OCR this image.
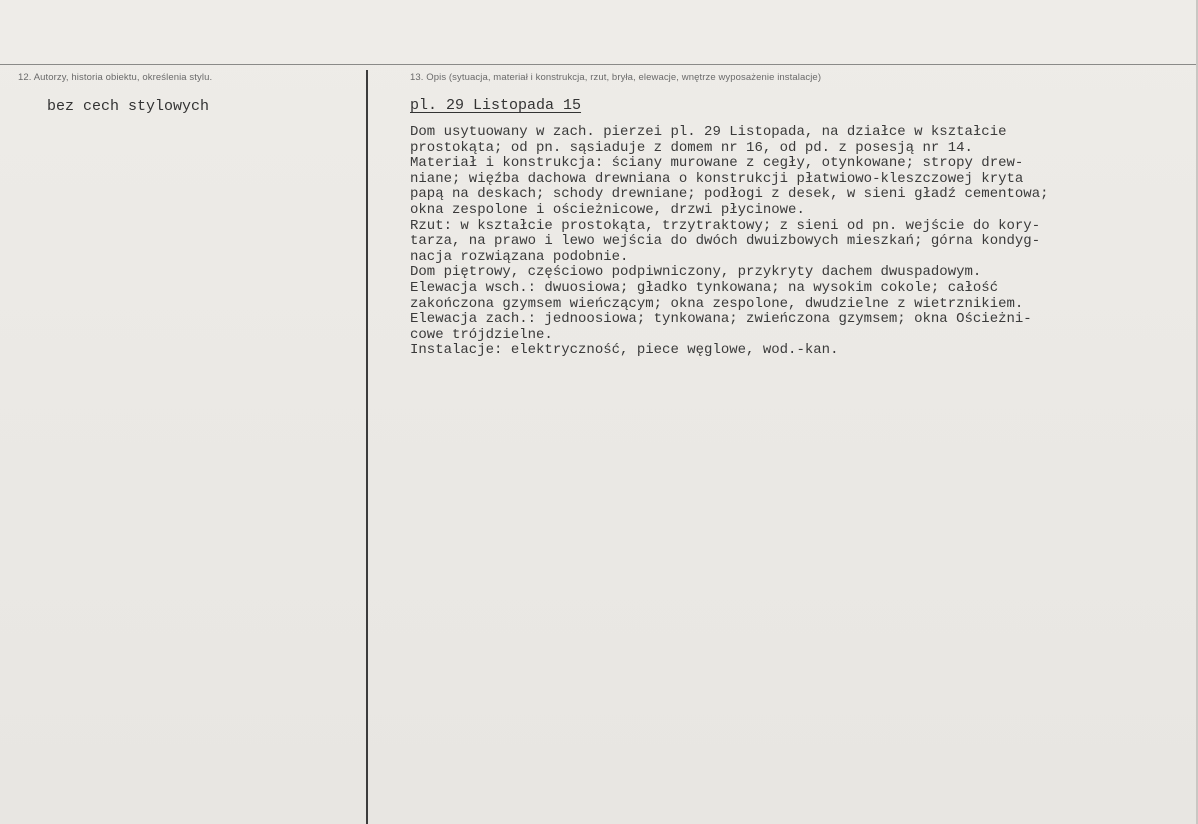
12. Autorzy, historia obiektu, określenia stylu.	13. Opis (sytuacja, materiał i konstrukcja, rzut, bryła, elewacje, wnętrze wyposażenie instalacje)
bez cech stylowych	pl. 29 Listopada 15
Dom usytuowany w zach. pierzei pl. 29 Listopada, na działce w kształcie
prostokąta; od pn. sąsiaduje z domem nr 16, od pd. z posesją nr 14.
Materiał i konstrukcja: ściany murowane z cegły, otynkowane; stropy drew-
niane; więźba dachowa drewniana o konstrukcji płatwiowo-kleszczowej kryta
papą na deskach; schody drewniane; podłogi z desek, w sieni gładź cementowa;
okna zespolone i ościeżnicowe, drzwi płycinowe.
Rzut: w kształcie prostokąta, trzytraktowy; z sieni od pn. wejście do kory-
tarza, na prawo i lewo wejścia do dwóch dwuizbowych mieszkań; górna kondyg-
nacja rozwiązana podobnie.
Dom piętrowy, częściowo podpiwniczony, przykryty dachem dwuspadowym.
Elewacja wsch.: dwuosiowa; gładko tynkowana; na wysokim cokole; całość
zakończona gzymsem wieńczącym; okna zespolone, dwudzielne z wietrznikiem.
Elewacja zach.: jednoosiowa; tynkowana; zwieńczona gzymsem; okna Ościeżni-
cowe trójdzielne.
Instalacje: elektryczność, piece węglowe, wod.-kan.
